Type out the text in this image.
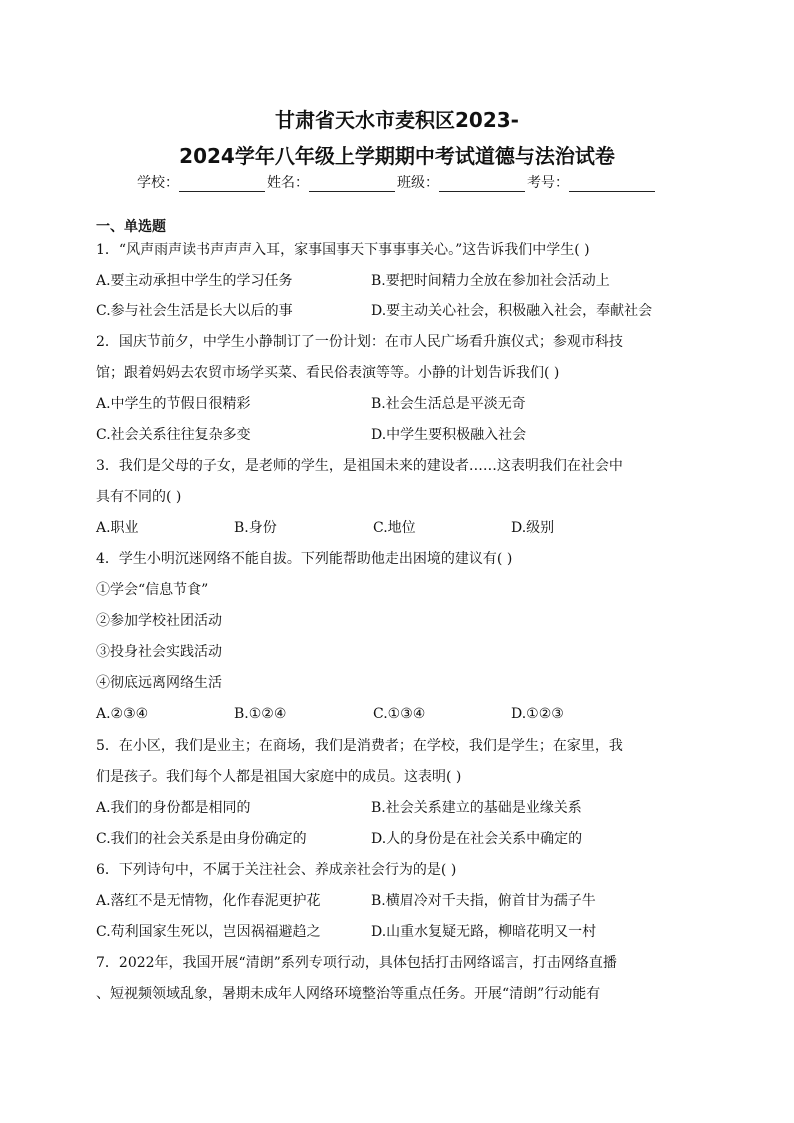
甘肃省天水市麦积区2023-
2024学年八年级上学期期中考试道德与法治试卷
学校：	姓名：	班级：	考号：
一、单选题
1．“风声雨声读书声声声入耳，家事国事天下事事事关心。”这告诉我们中学生( )
A.要主动承担中学生的学习任务	B.要把时间精力全放在参加社会活动上
C.参与社会生活是长大以后的事	D.要主动关心社会，积极融入社会，奉献社会
2．国庆节前夕，中学生小静制订了一份计划：在市人民广场看升旗仪式；参观市科技
馆；跟着妈妈去农贸市场学买菜、看民俗表演等等。小静的计划告诉我们( )
A.中学生的节假日很精彩	B.社会生活总是平淡无奇
C.社会关系往往复杂多变	D.中学生要积极融入社会
3．我们是父母的子女，是老师的学生，是祖国未来的建设者……这表明我们在社会中
具有不同的( )
A.职业	B.身份	C.地位	D.级别
4．学生小明沉迷网络不能自拔。下列能帮助他走出困境的建议有( )
①学会“信息节食”
②参加学校社团活动
③投身社会实践活动
④彻底远离网络生活
A.②③④	B.①②④	C.①③④	D.①②③
5．在小区，我们是业主；在商场，我们是消费者；在学校，我们是学生；在家里，我
们是孩子。我们每个人都是祖国大家庭中的成员。这表明( )
A.我们的身份都是相同的	B.社会关系建立的基础是业缘关系
C.我们的社会关系是由身份确定的	D.人的身份是在社会关系中确定的
6．下列诗句中，不属于关注社会、养成亲社会行为的是( )
A.落红不是无情物，化作春泥更护花	B.横眉冷对千夫指，俯首甘为孺子牛
C.苟利国家生死以，岂因祸福避趋之	D.山重水复疑无路，柳暗花明又一村
7．2022年，我国开展“清朗”系列专项行动，具体包括打击网络谣言，打击网络直播
、短视频领域乱象，暑期未成年人网络环境整治等重点任务。开展“清朗”行动能有
